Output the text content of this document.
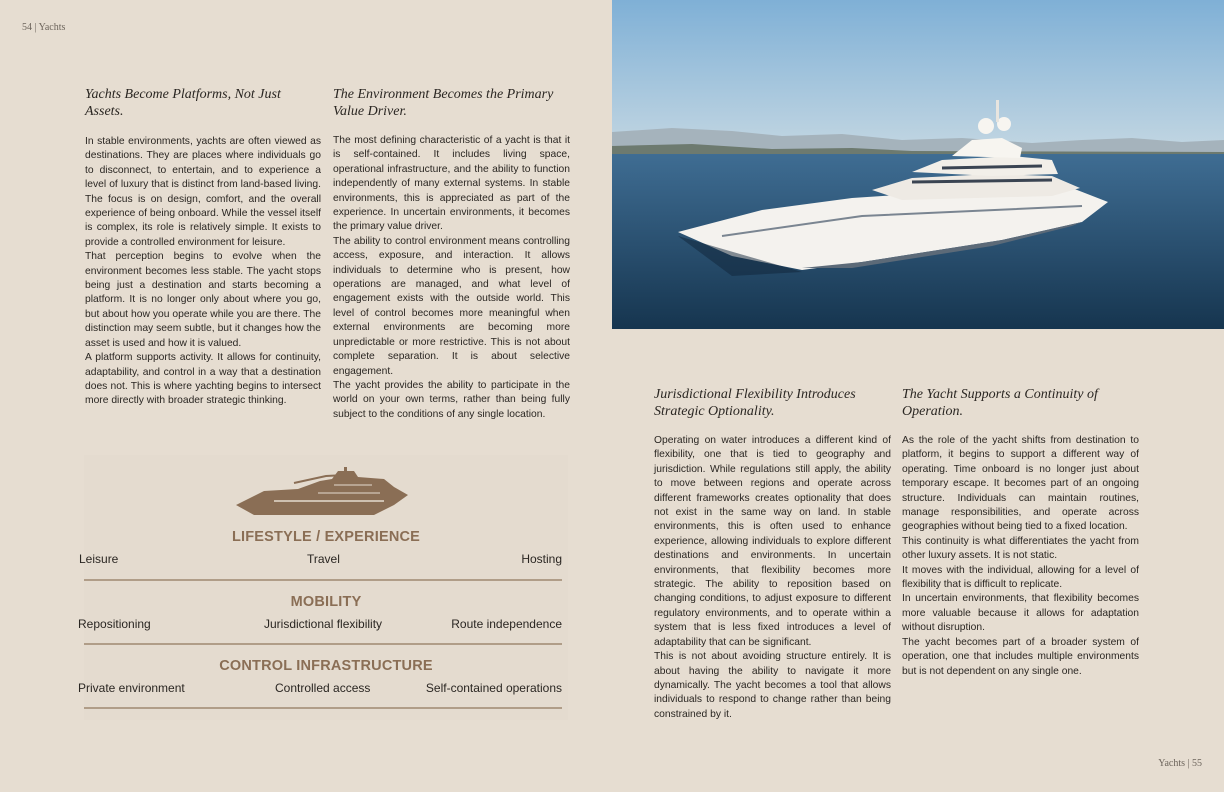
54 | Yachts
Yachts Become Platforms, Not Just Assets.

In stable environments, yachts are often viewed as destinations. They are places where individuals go to disconnect, to entertain, and to experience a level of luxury that is distinct from land-based living. The focus is on design, comfort, and the overall experience of being onboard. While the vessel itself is complex, its role is relatively simple. It exists to provide a controlled environment for leisure.

That perception begins to evolve when the environment becomes less stable. The yacht stops being just a destination and starts becoming a platform. It is no longer only about where you go, but about how you operate while you are there. The distinction may seem subtle, but it changes how the asset is used and how it is valued.

A platform supports activity. It allows for continuity, adaptability, and control in a way that a destination does not. This is where yachting begins to intersect more directly with broader strategic thinking.

The Environment Becomes the Primary Value Driver.

The most defining characteristic of a yacht is that it is self-contained. It includes living space, operational infrastructure, and the ability to function independently of many external systems. In stable environments, this is appreciated as part of the experience. In uncertain environments, it becomes the primary value driver.

The ability to control environment means controlling access, exposure, and interaction. It allows individuals to determine who is present, how operations are managed, and what level of engagement exists with the outside world. This level of control becomes more meaningful when external environments are becoming more unpredictable or more restrictive. This is not about complete separation. It is about selective engagement.

The yacht provides the ability to participate in the world on your own terms, rather than being fully subject to the conditions of any single location.

LIFESTYLE / EXPERIENCE
Leisure	Travel	Hosting
MOBILITY
Repositioning	Jurisdictional flexibility	Route independence
CONTROL INFRASTRUCTURE
Private environment	Controlled access	Self-contained operations
Jurisdictional Flexibility Introduces Strategic Optionality.

Operating on water introduces a different kind of flexibility, one that is tied to geography and jurisdiction. While regulations still apply, the ability to move between regions and operate across different frameworks creates optionality that does not exist in the same way on land. In stable environments, this is often used to enhance experience, allowing individuals to explore different destinations and environments. In uncertain environments, that flexibility becomes more strategic. The ability to reposition based on changing conditions, to adjust exposure to different regulatory environments, and to operate within a system that is less fixed introduces a level of adaptability that can be significant.

This is not about avoiding structure entirely. It is about having the ability to navigate it more dynamically. The yacht becomes a tool that allows individuals to respond to change rather than being constrained by it.

The Yacht Supports a Continuity of Operation.

As the role of the yacht shifts from destination to platform, it begins to support a different way of operating. Time onboard is no longer just about temporary escape. It becomes part of an ongoing structure. Individuals can maintain routines, manage responsibilities, and operate across geographies without being tied to a fixed location.

This continuity is what differentiates the yacht from other luxury assets. It is not static.

It moves with the individual, allowing for a level of flexibility that is difficult to replicate.

In uncertain environments, that flexibility becomes more valuable because it allows for adaptation without disruption.

The yacht becomes part of a broader system of operation, one that includes multiple environments but is not dependent on any single one.

Yachts | 55
